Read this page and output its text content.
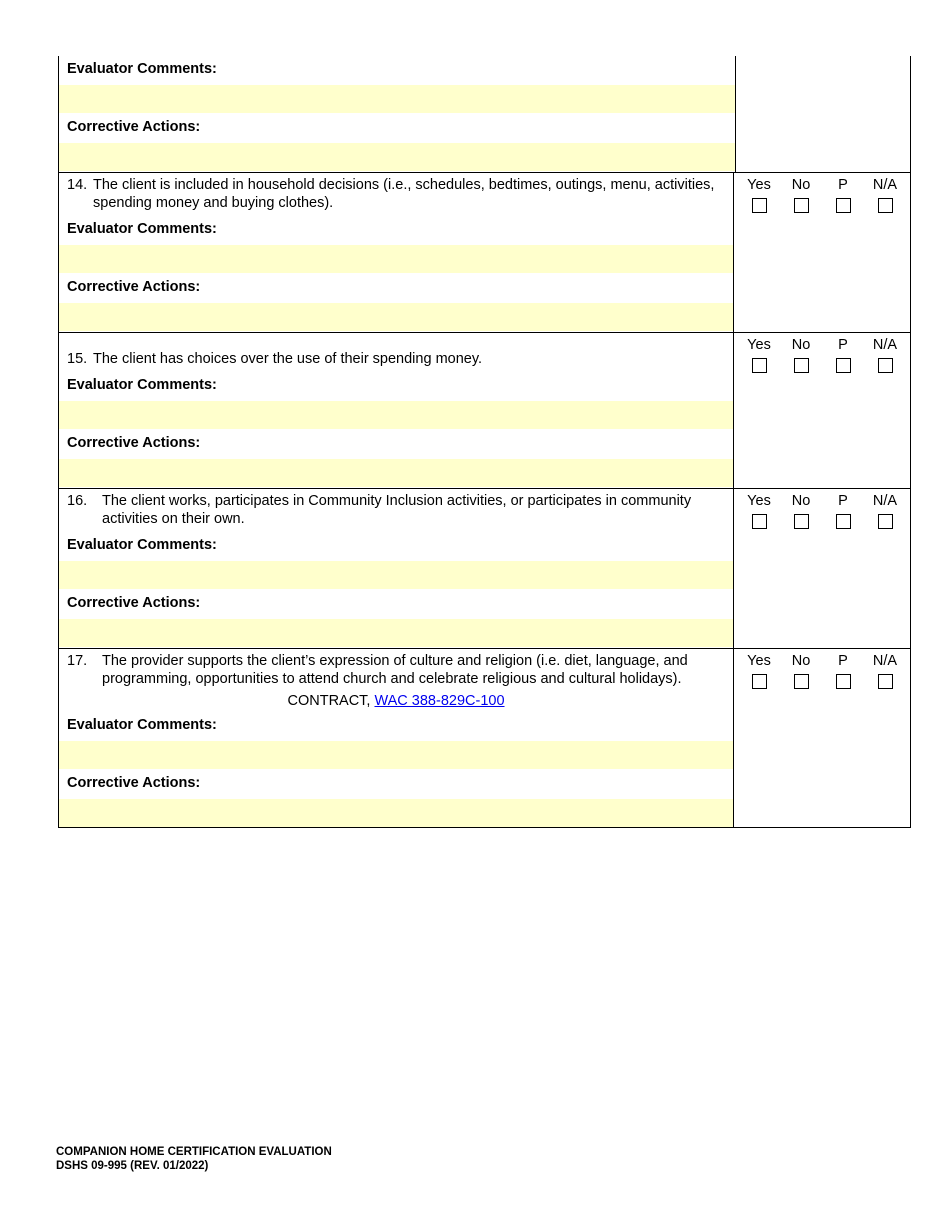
Evaluator Comments:
Corrective Actions:
14. The client is included in household decisions (i.e., schedules, bedtimes, outings, menu, activities, spending money and buying clothes).
Evaluator Comments:
Corrective Actions:
Yes	No	P	N/A
15. The client has choices over the use of their spending money.
Evaluator Comments:
Corrective Actions:
Yes	No	P	N/A
16.	The client works, participates in Community Inclusion activities, or participates in community activities on their own.
Evaluator Comments:
Corrective Actions:
Yes	No	P	N/A
17.	The provider supports the client’s expression of culture and religion (i.e. diet, language, and programming, opportunities to attend church and celebrate religious and cultural holidays).
CONTRACT, WAC 388-829C-100
Evaluator Comments:
Corrective Actions:
Yes	No	P	N/A
COMPANION HOME CERTIFICATION EVALUATION
DSHS 09-995 (REV. 01/2022)
